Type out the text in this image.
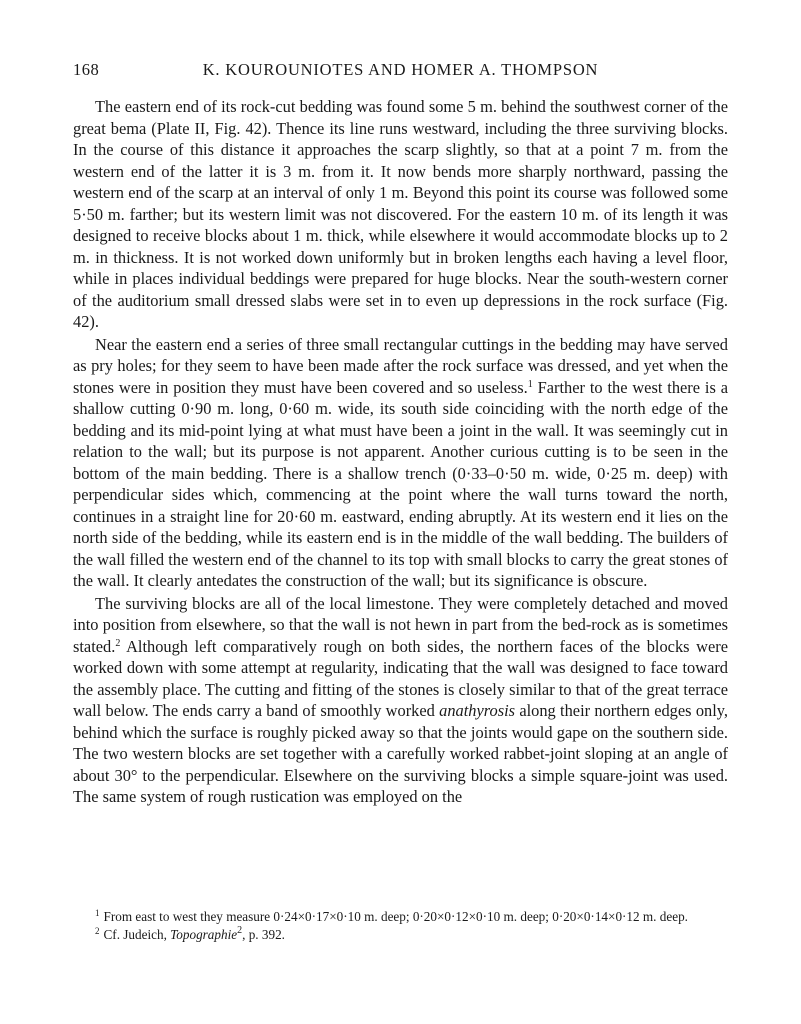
168	K. KOUROUNIOTES AND HOMER A. THOMPSON

The eastern end of its rock-cut bedding was found some 5 m. behind the southwest corner of the great bema (Plate II, Fig. 42). Thence its line runs westward, including the three surviving blocks. In the course of this distance it approaches the scarp slightly, so that at a point 7 m. from the western end of the latter it is 3 m. from it. It now bends more sharply northward, passing the western end of the scarp at an interval of only 1 m. Beyond this point its course was followed some 5·50 m. farther; but its western limit was not discovered. For the eastern 10 m. of its length it was designed to receive blocks about 1 m. thick, while elsewhere it would accommodate blocks up to 2 m. in thickness. It is not worked down uniformly but in broken lengths each having a level floor, while in places individual beddings were prepared for huge blocks. Near the south-western corner of the auditorium small dressed slabs were set in to even up depressions in the rock surface (Fig. 42).

Near the eastern end a series of three small rectangular cuttings in the bedding may have served as pry holes; for they seem to have been made after the rock surface was dressed, and yet when the stones were in position they must have been covered and so useless.$^1$ Farther to the west there is a shallow cutting 0·90 m. long, 0·60 m. wide, its south side coinciding with the north edge of the bedding and its mid-point lying at what must have been a joint in the wall. It was seemingly cut in relation to the wall; but its purpose is not apparent. Another curious cutting is to be seen in the bottom of the main bedding. There is a shallow trench (0·33–0·50 m. wide, 0·25 m. deep) with perpendicular sides which, commencing at the point where the wall turns toward the north, continues in a straight line for 20·60 m. eastward, ending abruptly. At its western end it lies on the north side of the bedding, while its eastern end is in the middle of the wall bedding. The builders of the wall filled the western end of the channel to its top with small blocks to carry the great stones of the wall. It clearly antedates the construction of the wall; but its significance is obscure.

The surviving blocks are all of the local limestone. They were completely detached and moved into position from elsewhere, so that the wall is not hewn in part from the bed-rock as is sometimes stated.$^2$ Although left comparatively rough on both sides, the northern faces of the blocks were worked down with some attempt at regularity, indicating that the wall was designed to face toward the assembly place. The cutting and fitting of the stones is closely similar to that of the great terrace wall below. The ends carry a band of smoothly worked anathyrosis along their northern edges only, behind which the surface is roughly picked away so that the joints would gape on the southern side. The two western blocks are set together with a carefully worked rabbet-joint sloping at an angle of about 30° to the perpendicular. Elsewhere on the surviving blocks a simple square-joint was used. The same system of rough rustication was employed on the

$^1$ From east to west they measure 0·24×0·17×0·10 m. deep; 0·20×0·12×0·10 m. deep; 0·20×0·14×0·12 m. deep.

$^2$ Cf. Judeich, Topographie$^2$, p. 392.
